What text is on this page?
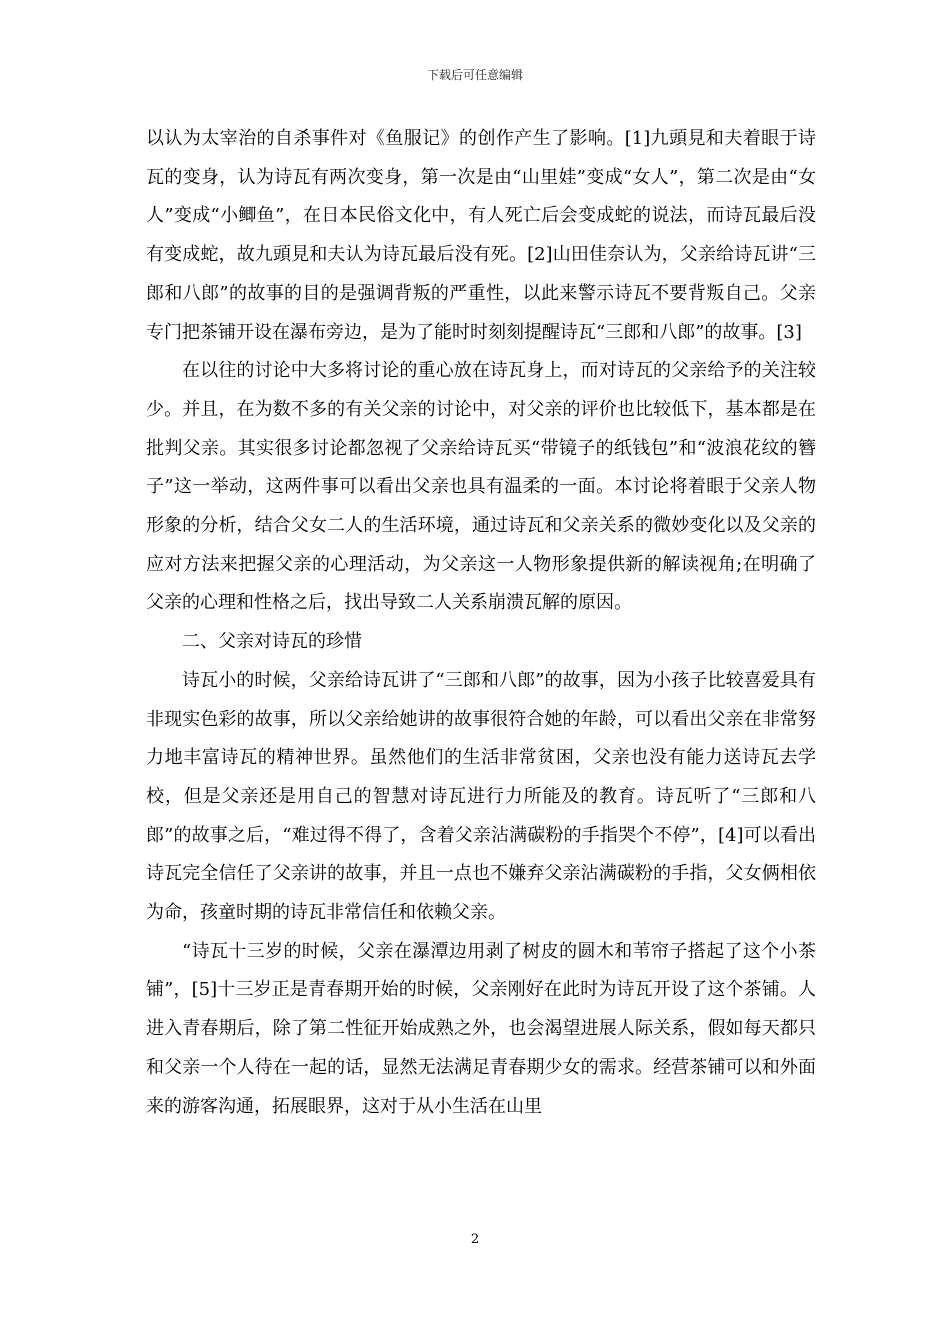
下载后可任意编辑

以认为太宰治的自杀事件对《鱼服记》的创作产生了影响。[1]九頭見和夫着眼于诗瓦的变身，认为诗瓦有两次变身，第一次是由“山里娃”变成“女人”，第二次是由“女人”变成“小鲫鱼”，在日本民俗文化中，有人死亡后会变成蛇的说法，而诗瓦最后没有变成蛇，故九頭見和夫认为诗瓦最后没有死。[2]山田佳奈认为，父亲给诗瓦讲“三郎和八郎”的故事的目的是强调背叛的严重性，以此来警示诗瓦不要背叛自己。父亲专门把茶铺开设在瀑布旁边，是为了能时时刻刻提醒诗瓦“三郎和八郎”的故事。[3]

在以往的讨论中大多将讨论的重心放在诗瓦身上，而对诗瓦的父亲给予的关注较少。并且，在为数不多的有关父亲的讨论中，对父亲的评价也比较低下，基本都是在批判父亲。其实很多讨论都忽视了父亲给诗瓦买“带镜子的纸钱包”和“波浪花纹的簪子”这一举动，这两件事可以看出父亲也具有温柔的一面。本讨论将着眼于父亲人物形象的分析，结合父女二人的生活环境，通过诗瓦和父亲关系的微妙变化以及父亲的应对方法来把握父亲的心理活动，为父亲这一人物形象提供新的解读视角;在明确了父亲的心理和性格之后，找出导致二人关系崩溃瓦解的原因。

二、父亲对诗瓦的珍惜

诗瓦小的时候，父亲给诗瓦讲了“三郎和八郎”的故事，因为小孩子比较喜爱具有非现实色彩的故事，所以父亲给她讲的故事很符合她的年龄，可以看出父亲在非常努力地丰富诗瓦的精神世界。虽然他们的生活非常贫困，父亲也没有能力送诗瓦去学校，但是父亲还是用自己的智慧对诗瓦进行力所能及的教育。诗瓦听了“三郎和八郎”的故事之后，“难过得不得了，含着父亲沾满碳粉的手指哭个不停”，[4]可以看出诗瓦完全信任了父亲讲的故事，并且一点也不嫌弃父亲沾满碳粉的手指，父女俩相依为命，孩童时期的诗瓦非常信任和依赖父亲。

“诗瓦十三岁的时候，父亲在瀑潭边用剥了树皮的圆木和苇帘子搭起了这个小茶铺”，[5]十三岁正是青春期开始的时候，父亲刚好在此时为诗瓦开设了这个茶铺。人进入青春期后，除了第二性征开始成熟之外，也会渴望进展人际关系，假如每天都只和父亲一个人待在一起的话，显然无法满足青春期少女的需求。经营茶铺可以和外面来的游客沟通，拓展眼界，这对于从小生活在山里

2
